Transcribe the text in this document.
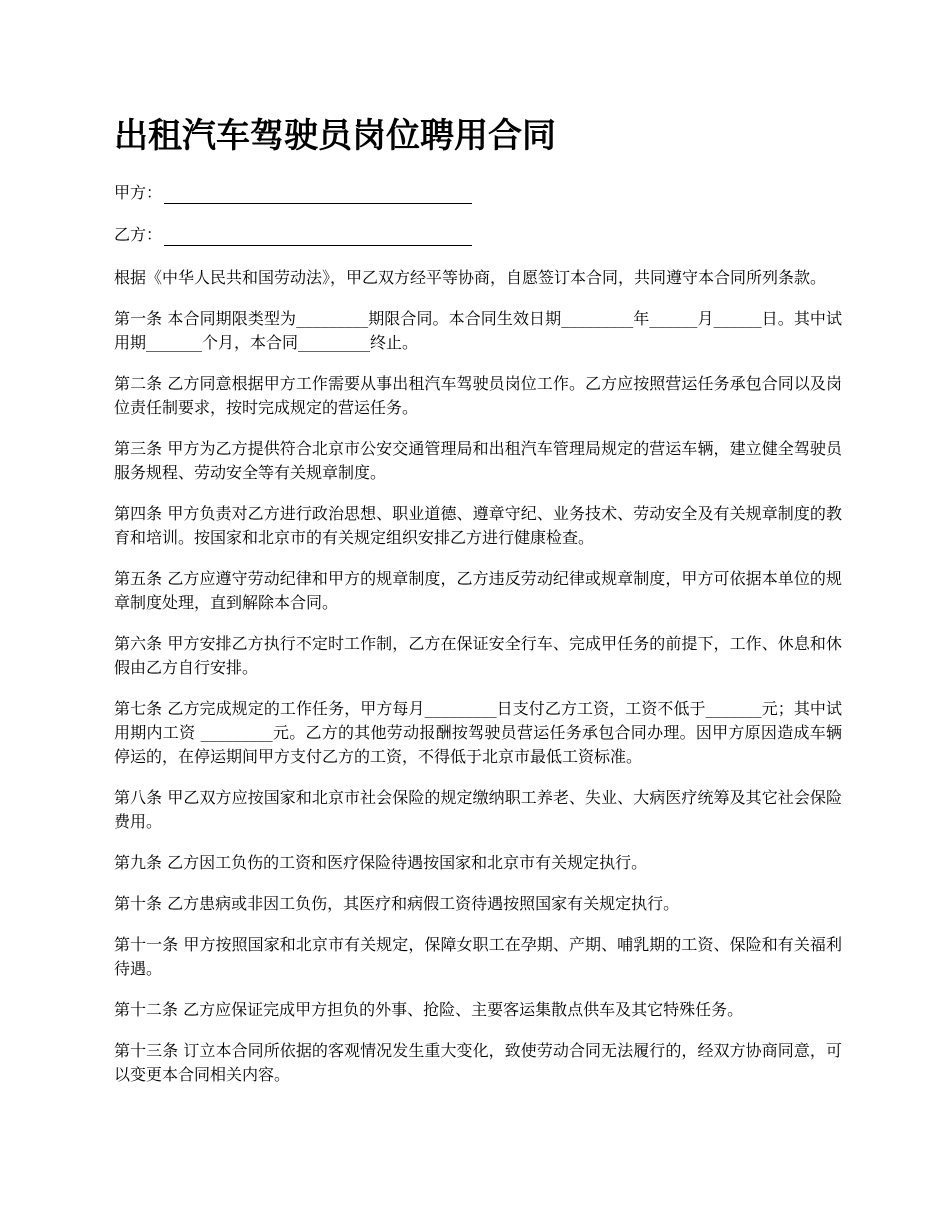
出租汽车驾驶员岗位聘用合同
甲方：
乙方：

根据《中华人民共和国劳动法》，甲乙双方经平等协商，自愿签订本合同，共同遵守本合同所列条款。

第一条 本合同期限类型为_________期限合同。本合同生效日期_________年______月______日。其中试用期_______个月，本合同_________终止。

第二条 乙方同意根据甲方工作需要从事出租汽车驾驶员岗位工作。乙方应按照营运任务承包合同以及岗位责任制要求，按时完成规定的营运任务。

第三条 甲方为乙方提供符合北京市公安交通管理局和出租汽车管理局规定的营运车辆，建立健全驾驶员服务规程、劳动安全等有关规章制度。

第四条 甲方负责对乙方进行政治思想、职业道德、遵章守纪、业务技术、劳动安全及有关规章制度的教育和培训。按国家和北京市的有关规定组织安排乙方进行健康检查。

第五条 乙方应遵守劳动纪律和甲方的规章制度，乙方违反劳动纪律或规章制度，甲方可依据本单位的规章制度处理，直到解除本合同。

第六条 甲方安排乙方执行不定时工作制，乙方在保证安全行车、完成甲任务的前提下，工作、休息和休假由乙方自行安排。

第七条 乙方完成规定的工作任务，甲方每月_________日支付乙方工资，工资不低于_______元；其中试用期内工资 _________元。乙方的其他劳动报酬按驾驶员营运任务承包合同办理。因甲方原因造成车辆停运的，在停运期间甲方支付乙方的工资，不得低于北京市最低工资标准。

第八条 甲乙双方应按国家和北京市社会保险的规定缴纳职工养老、失业、大病医疗统筹及其它社会保险费用。

第九条 乙方因工负伤的工资和医疗保险待遇按国家和北京市有关规定执行。

第十条 乙方患病或非因工负伤，其医疗和病假工资待遇按照国家有关规定执行。

第十一条 甲方按照国家和北京市有关规定，保障女职工在孕期、产期、哺乳期的工资、保险和有关福利待遇。

第十二条 乙方应保证完成甲方担负的外事、抢险、主要客运集散点供车及其它特殊任务。

第十三条 订立本合同所依据的客观情况发生重大变化，致使劳动合同无法履行的，经双方协商同意，可以变更本合同相关内容。
